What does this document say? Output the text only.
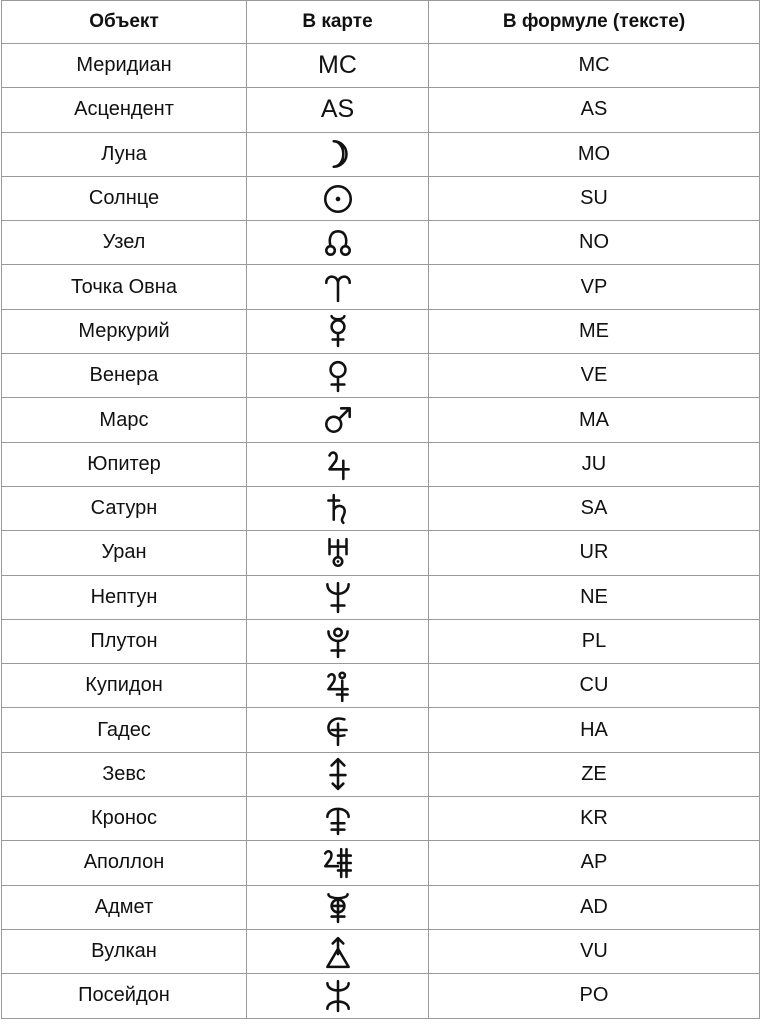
Объект	В карте	В формуле (тексте)
Меридиан	MC	MC
Асцендент	AS	AS
Луна		MO
Солнце		SU
Узел		NO
Точка Овна		VP
Меркурий		ME
Венера		VE
Марс		MA
Юпитер		JU
Сатурн		SA
Уран		UR
Нептун		NE
Плутон		PL
Купидон		CU
Гадес		HA
Зевс		ZE
Кронос		KR
Аполлон		AP
Адмет		AD
Вулкан		VU
Посейдон		PO
